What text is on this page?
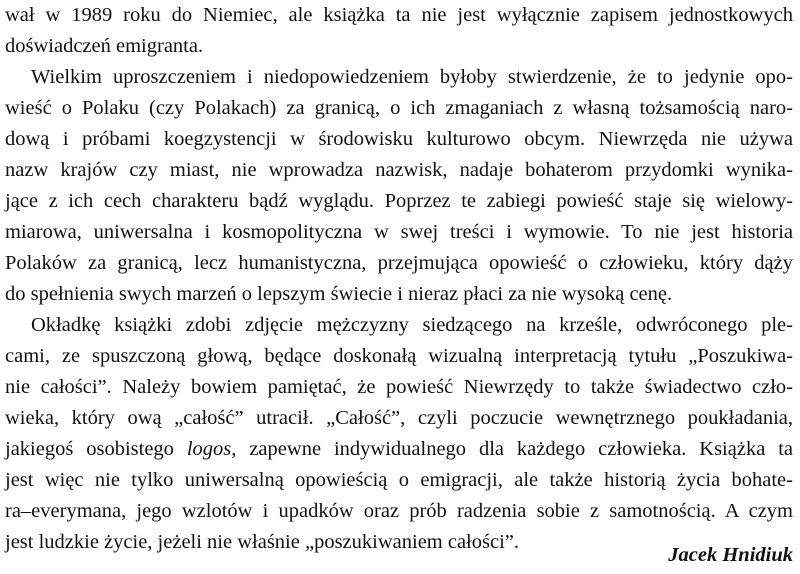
wał w 1989 roku do Niemiec, ale książka ta nie jest wyłącznie zapisem jednostkowych
doświadczeń emigranta.
Wielkim uproszczeniem i niedopowiedzeniem byłoby stwierdzenie, że to jedynie opo-
wieść o Polaku (czy Polakach) za granicą, o ich zmaganiach z własną tożsamością naro-
dową i próbami koegzystencji w środowisku kulturowo obcym. Niewrzęda nie używa
nazw krajów czy miast, nie wprowadza nazwisk, nadaje bohaterom przydomki wynika-
jące z ich cech charakteru bądź wyglądu. Poprzez te zabiegi powieść staje się wielowy-
miarowa, uniwersalna i kosmopolityczna w swej treści i wymowie. To nie jest historia
Polaków za granicą, lecz humanistyczna, przejmująca opowieść o człowieku, który dąży
do spełnienia swych marzeń o lepszym świecie i nieraz płaci za nie wysoką cenę.
Okładkę książki zdobi zdjęcie mężczyzny siedzącego na krześle, odwróconego ple-
cami, ze spuszczoną głową, będące doskonałą wizualną interpretacją tytułu „Poszukiwa-
nie całości”. Należy bowiem pamiętać, że powieść Niewrzędy to także świadectwo czło-
wieka, który ową „całość” utracił. „Całość”, czyli poczucie wewnętrznego poukładania,
jakiegoś osobistego logos, zapewne indywidualnego dla każdego człowieka. Książka ta
jest więc nie tylko uniwersalną opowieścią o emigracji, ale także historią życia bohate-
ra–everymana, jego wzlotów i upadków oraz prób radzenia sobie z samotnością. A czym
jest ludzkie życie, jeżeli nie właśnie „poszukiwaniem całości”.
Jacek Hnidiuk
